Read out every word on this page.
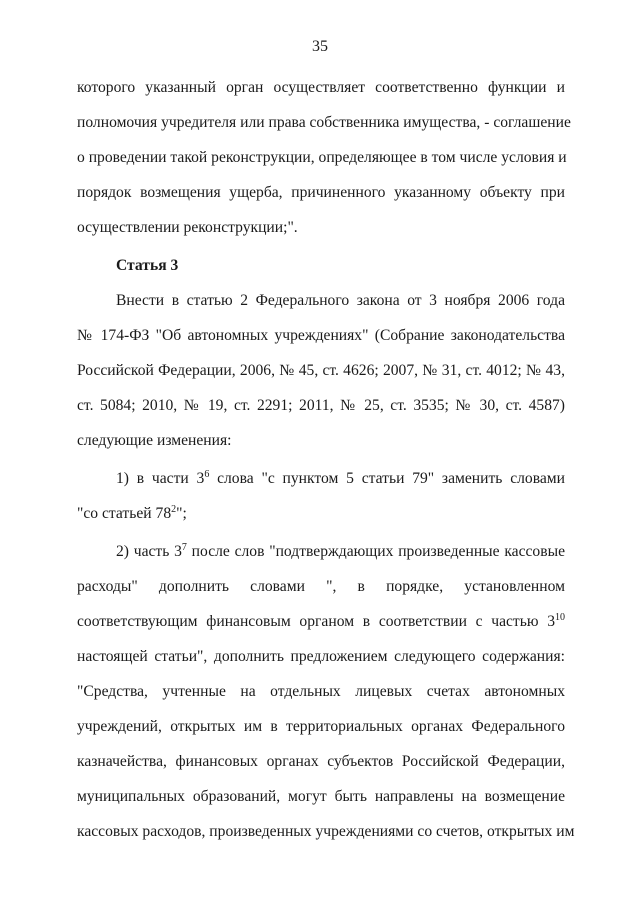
35
которого указанный орган осуществляет соответственно функции и
полномочия учредителя или права собственника имущества, - соглашение
о проведении такой реконструкции, определяющее в том числе условия и
порядок возмещения ущерба, причиненного указанному объекту при
осуществлении реконструкции;".
Статья 3
Внести в статью 2 Федерального закона от 3 ноября 2006 года
№ 174-ФЗ "Об автономных учреждениях" (Собрание законодательства
Российской Федерации, 2006, № 45, ст. 4626; 2007, № 31, ст. 4012; № 43,
ст. 5084; 2010, № 19, ст. 2291; 2011, № 25, ст. 3535; № 30, ст. 4587)
следующие изменения:
1) в части $3^6$ слова "с пунктом 5 статьи 79" заменить словами
"со статьей $78^2$";
2) часть $3^7$ после слов "подтверждающих произведенные кассовые
расходы" дополнить словами ", в порядке, установленном
соответствующим финансовым органом в соответствии с частью $3^{10}$
настоящей статьи", дополнить предложением следующего содержания:
"Средства, учтенные на отдельных лицевых счетах автономных
учреждений, открытых им в территориальных органах Федерального
казначейства, финансовых органах субъектов Российской Федерации,
муниципальных образований, могут быть направлены на возмещение
кассовых расходов, произведенных учреждениями со счетов, открытых им
